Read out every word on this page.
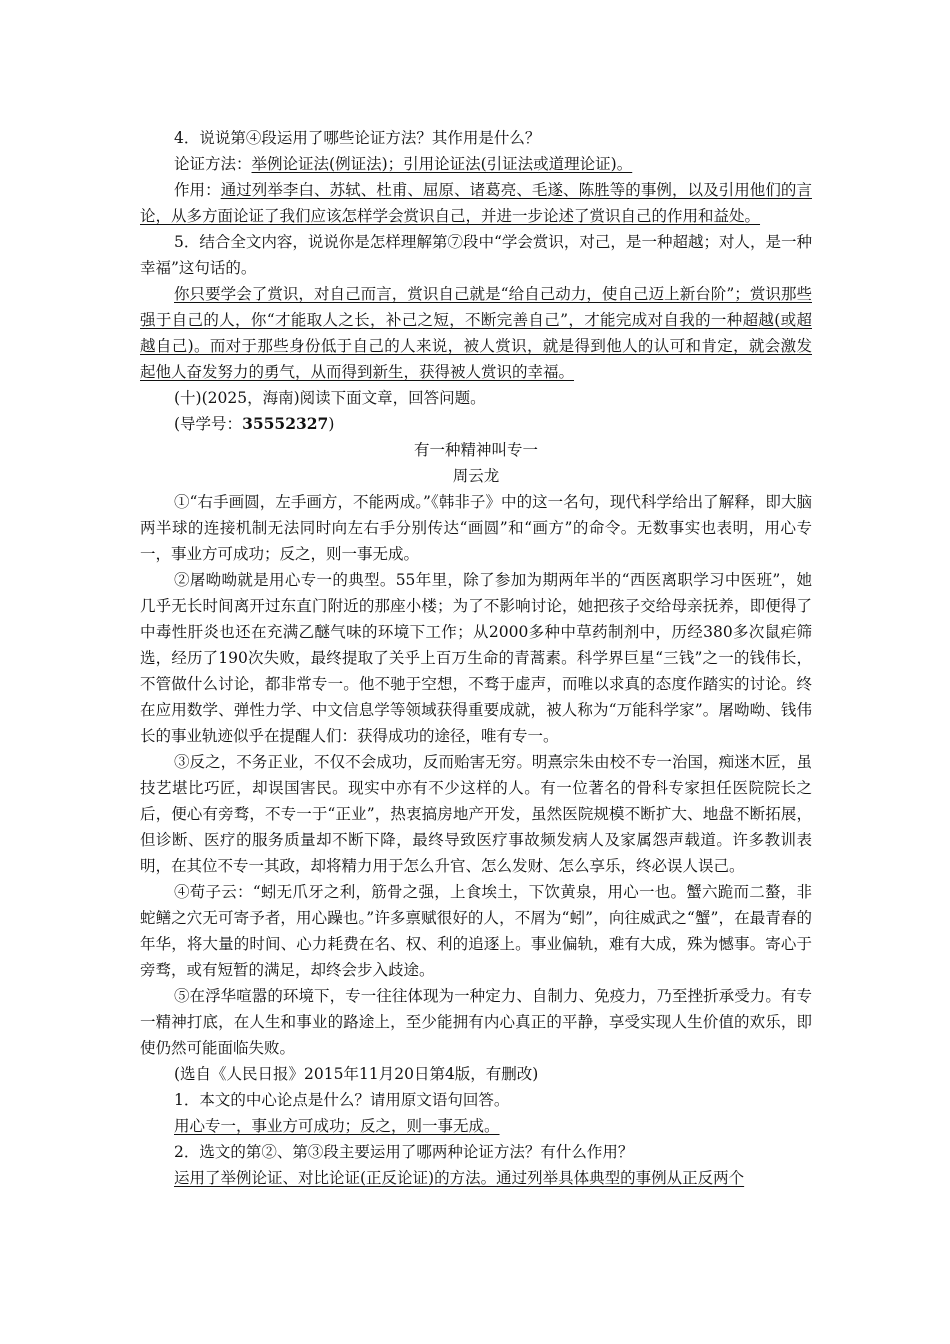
4．说说第④段运用了哪些论证方法？其作用是什么？

论证方法：举例论证法(例证法)；引用论证法(引证法或道理论证)。

作用：通过列举李白、苏轼、杜甫、屈原、诸葛亮、毛遂、陈胜等的事例，以及引用他们的言论，从多方面论证了我们应该怎样学会赏识自己，并进一步论述了赏识自己的作用和益处。

5．结合全文内容，说说你是怎样理解第⑦段中“学会赏识，对己，是一种超越；对人，是一种幸福”这句话的。

你只要学会了赏识，对自己而言，赏识自己就是“给自己动力，使自己迈上新台阶”；赏识那些强于自己的人，你“才能取人之长，补己之短，不断完善自己”，才能完成对自我的一种超越(或超越自己)。而对于那些身份低于自己的人来说，被人赏识，就是得到他人的认可和肯定，就会激发起他人奋发努力的勇气，从而得到新生，获得被人赏识的幸福。

(十)(2025，海南)阅读下面文章，回答问题。

(导学号：35552327)

有一种精神叫专一

周云龙

①“右手画圆，左手画方，不能两成。”《韩非子》中的这一名句，现代科学给出了解释，即大脑两半球的连接机制无法同时向左右手分别传达“画圆”和“画方”的命令。无数事实也表明，用心专一，事业方可成功；反之，则一事无成。

②屠呦呦就是用心专一的典型。55年里，除了参加为期两年半的“西医离职学习中医班”，她几乎无长时间离开过东直门附近的那座小楼；为了不影响讨论，她把孩子交给母亲抚养，即便得了中毒性肝炎也还在充满乙醚气味的环境下工作；从2000多种中草药制剂中，历经380多次鼠疟筛选，经历了190次失败，最终提取了关乎上百万生命的青蒿素。科学界巨星“三钱”之一的钱伟长，不管做什么讨论，都非常专一。他不驰于空想，不骛于虚声，而唯以求真的态度作踏实的讨论。终在应用数学、弹性力学、中文信息学等领域获得重要成就，被人称为“万能科学家”。屠呦呦、钱伟长的事业轨迹似乎在提醒人们：获得成功的途径，唯有专一。

③反之，不务正业，不仅不会成功，反而贻害无穷。明熹宗朱由校不专一治国，痴迷木匠，虽技艺堪比巧匠，却误国害民。现实中亦有不少这样的人。有一位著名的骨科专家担任医院院长之后，便心有旁骛，不专一于“正业”，热衷搞房地产开发，虽然医院规模不断扩大、地盘不断拓展，但诊断、医疗的服务质量却不断下降，最终导致医疗事故频发病人及家属怨声载道。许多教训表明，在其位不专一其政，却将精力用于怎么升官、怎么发财、怎么享乐，终必误人误己。

④荀子云：“蚓无爪牙之利，筋骨之强，上食埃土，下饮黄泉，用心一也。蟹六跪而二螯，非蛇鳝之穴无可寄予者，用心躁也。”许多禀赋很好的人，不屑为“蚓”，向往威武之“蟹”，在最青春的年华，将大量的时间、心力耗费在名、权、利的追逐上。事业偏轨，难有大成，殊为憾事。寄心于旁骛，或有短暂的满足，却终会步入歧途。

⑤在浮华喧嚣的环境下，专一往往体现为一种定力、自制力、免疫力，乃至挫折承受力。有专一精神打底，在人生和事业的路途上，至少能拥有内心真正的平静，享受实现人生价值的欢乐，即使仍然可能面临失败。

(选自《人民日报》2015年11月20日第4版，有删改)

1．本文的中心论点是什么？请用原文语句回答。

用心专一，事业方可成功；反之，则一事无成。

2．选文的第②、第③段主要运用了哪两种论证方法？有什么作用？

运用了举例论证、对比论证(正反论证)的方法。通过列举具体典型的事例从正反两个
